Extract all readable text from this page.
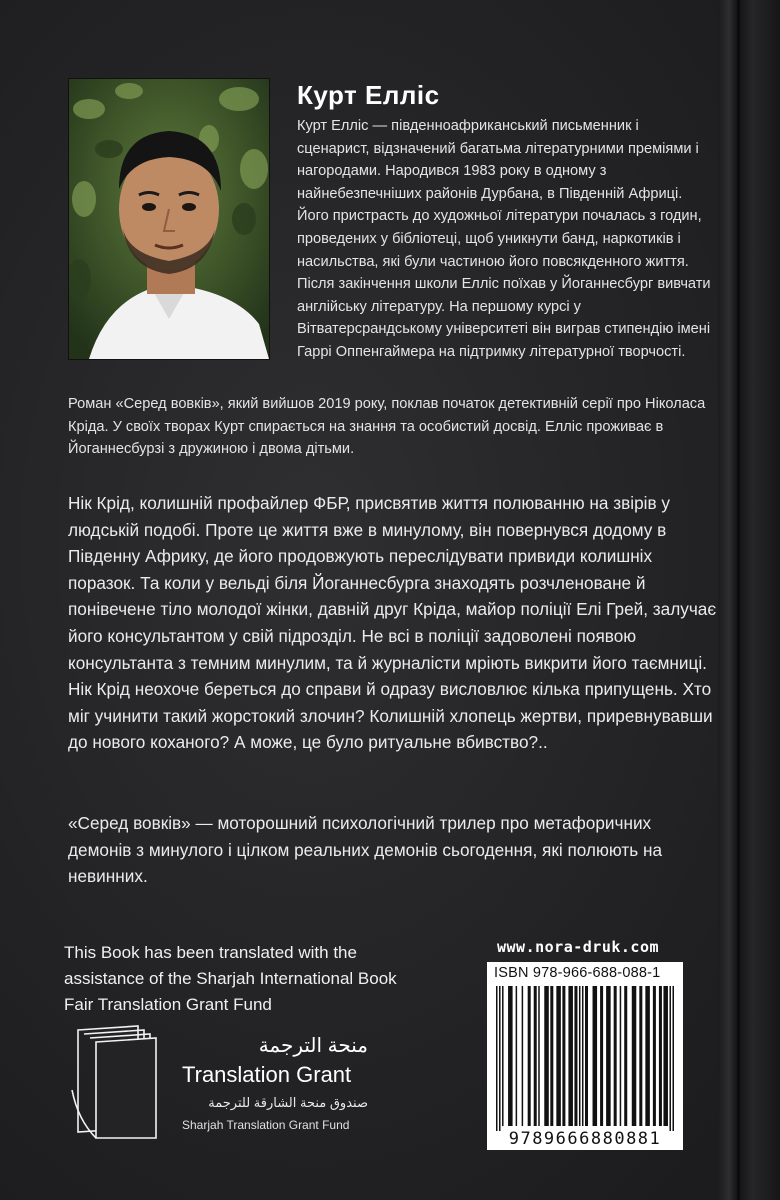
Курт Елліс

Курт Елліс — південноафриканський письменник і сценарист, відзначений багатьма літературними преміями і нагородами. Народився 1983 року в одному з найнебезпечніших районів Дурбана, в Південній Африці. Його пристрасть до художньої літератури почалась з годин, проведених у бібліотеці, щоб уникнути банд, наркотиків і насильства, які були частиною його повсякденного життя. Після закінчення школи Елліс поїхав у Йоганнесбург вивчати англійську літературу. На першому курсі у Вітватерсрандському університеті він виграв стипендію імені Гаррі Оппенгаймера на підтримку літературної творчості.

Роман «Серед вовків», який вийшов 2019 року, поклав початок детективній серії про Ніколаса Кріда. У своїх творах Курт спирається на знання та особистий досвід. Елліс проживає в Йоганнесбурзі з дружиною і двома дітьми.

Нік Крід, колишній профайлер ФБР, присвятив життя полюванню на звірів у людській подобі. Проте це життя вже в минулому, він повернувся додому в Південну Африку, де його продовжують переслідувати привиди колишніх поразок. Та коли у вельді біля Йоганнесбурга знаходять розчленоване й понівечене тіло молодої жінки, давній друг Кріда, майор поліції Елі Грей, залучає його консультантом у свій підрозділ. Не всі в поліції задоволені появою консультанта з темним минулим, та й журналісти мріють викрити його таємниці. Нік Крід неохоче береться до справи й одразу висловлює кілька припущень. Хто міг учинити такий жорстокий злочин? Колишній хлопець жертви, приревнувавши до нового коханого? А може, це було ритуальне вбивство?..

«Серед вовків» — моторошний психологічний трилер про метафоричних демонів з минулого і цілком реальних демонів сьогодення, які полюють на невинних.

This Book has been translated with the assistance of the Sharjah International Book Fair Translation Grant Fund

منحة الترجمة
Translation Grant
صندوق منحة الشارقة للترجمة
Sharjah Translation Grant Fund
www.nora-druk.com
ISBN 978-966-688-088-1
9789666880881
